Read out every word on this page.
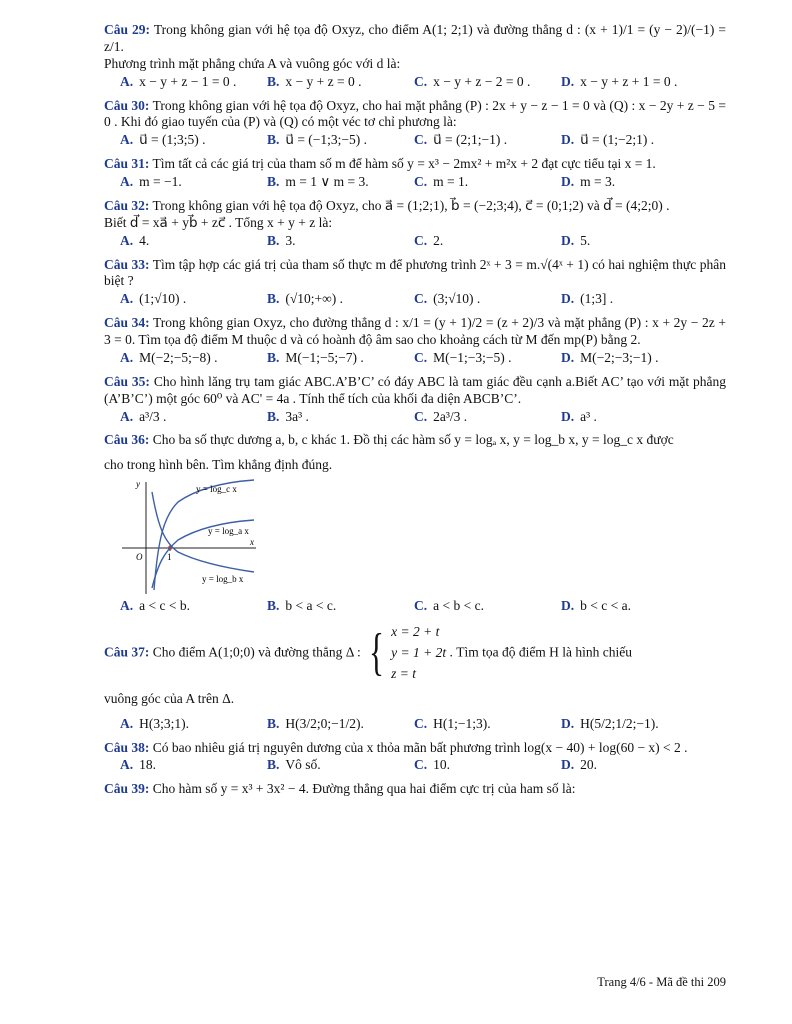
Câu 29: Trong không gian với hệ tọa độ Oxyz, cho điểm A(1; 2;1) và đường thẳng d : (x + 1)/1 = (y − 2)/(−1) = z/1.
Phương trình mặt phẳng chứa A và vuông góc với d là:
A. x − y + z − 1 = 0 .	B. x − y + z = 0 .	C. x − y + z − 2 = 0 .	D. x − y + z + 1 = 0 .
Câu 30: Trong không gian với hệ tọa độ Oxyz, cho hai mặt phẳng (P) : 2x + y − z − 1 = 0 và (Q) : x − 2y + z − 5 = 0 . Khi đó giao tuyến của (P) và (Q) có một véc tơ chỉ phương là:
A. u⃗ = (1;3;5) .	B. u⃗ = (−1;3;−5) .	C. u⃗ = (2;1;−1) .	D. u⃗ = (1;−2;1) .
Câu 31: Tìm tất cả các giá trị của tham số m để hàm số y = x³ − 2mx² + m²x + 2 đạt cực tiểu tại x = 1.
A. m = −1.	B. m = 1 ∨ m = 3.	C. m = 1.	D. m = 3.
Câu 32: Trong không gian với hệ tọa độ Oxyz, cho a⃗ = (1;2;1), b⃗ = (−2;3;4), c⃗ = (0;1;2) và d⃗ = (4;2;0) .
Biết d⃗ = xa⃗ + yb⃗ + zc⃗ . Tổng x + y + z là:
A. 4.	B. 3.	C. 2.	D. 5.
Câu 33: Tìm tập hợp các giá trị của tham số thực m để phương trình 2ˣ + 3 = m.√(4ˣ + 1) có hai nghiệm thực phân biệt ?
A. (1;√10) .	B. (√10;+∞) .	C. (3;√10) .	D. (1;3] .
Câu 34: Trong không gian Oxyz, cho đường thẳng d : x/1 = (y + 1)/2 = (z + 2)/3 và mặt phẳng (P) : x + 2y − 2z + 3 = 0. Tìm tọa độ điểm M thuộc d và có hoành độ âm sao cho khoảng cách từ M đến mp(P) bằng 2.
A. M(−2;−5;−8) .	B. M(−1;−5;−7) .	C. M(−1;−3;−5) .	D. M(−2;−3;−1) .
Câu 35: Cho hình lăng trụ tam giác ABC.A’B’C’ có đáy ABC là tam giác đều cạnh a.Biết AC’ tạo với mặt phẳng (A’B’C’) một góc 60⁰ và AC' = 4a . Tính thể tích của khối đa diện ABCB’C’.
A. a³/3 .	B. 3a³ .	C. 2a³/3 .	D. a³ .
Câu 36: Cho ba số thực dương a, b, c khác 1. Đồ thị các hàm số y = logₐ x, y = log_b x, y = log_c x được
cho trong hình bên. Tìm khẳng định đúng.
y
x
O	1
y = log_c x
y = log_a x
y = log_b x
A. a < c < b.	B. b < a < c.	C. a < b < c.	D. b < c < a.
Câu 37: Cho điểm A(1;0;0) và đường thẳng Δ : { x = 2 + t
y = 1 + 2t
z = t
. Tìm tọa độ điểm H là hình chiếu
vuông góc của A trên Δ.
A. H(3;3;1).	B. H(3/2;0;−1/2).	C. H(1;−1;3).	D. H(5/2;1/2;−1).
Câu 38: Có bao nhiêu giá trị nguyên dương của x thỏa mãn bất phương trình log(x − 40) + log(60 − x) < 2 .
A. 18.	B. Vô số.	C. 10.	D. 20.
Câu 39: Cho hàm số y = x³ + 3x² − 4. Đường thẳng qua hai điểm cực trị của ham số là:
Trang 4/6 - Mã đề thi 209
